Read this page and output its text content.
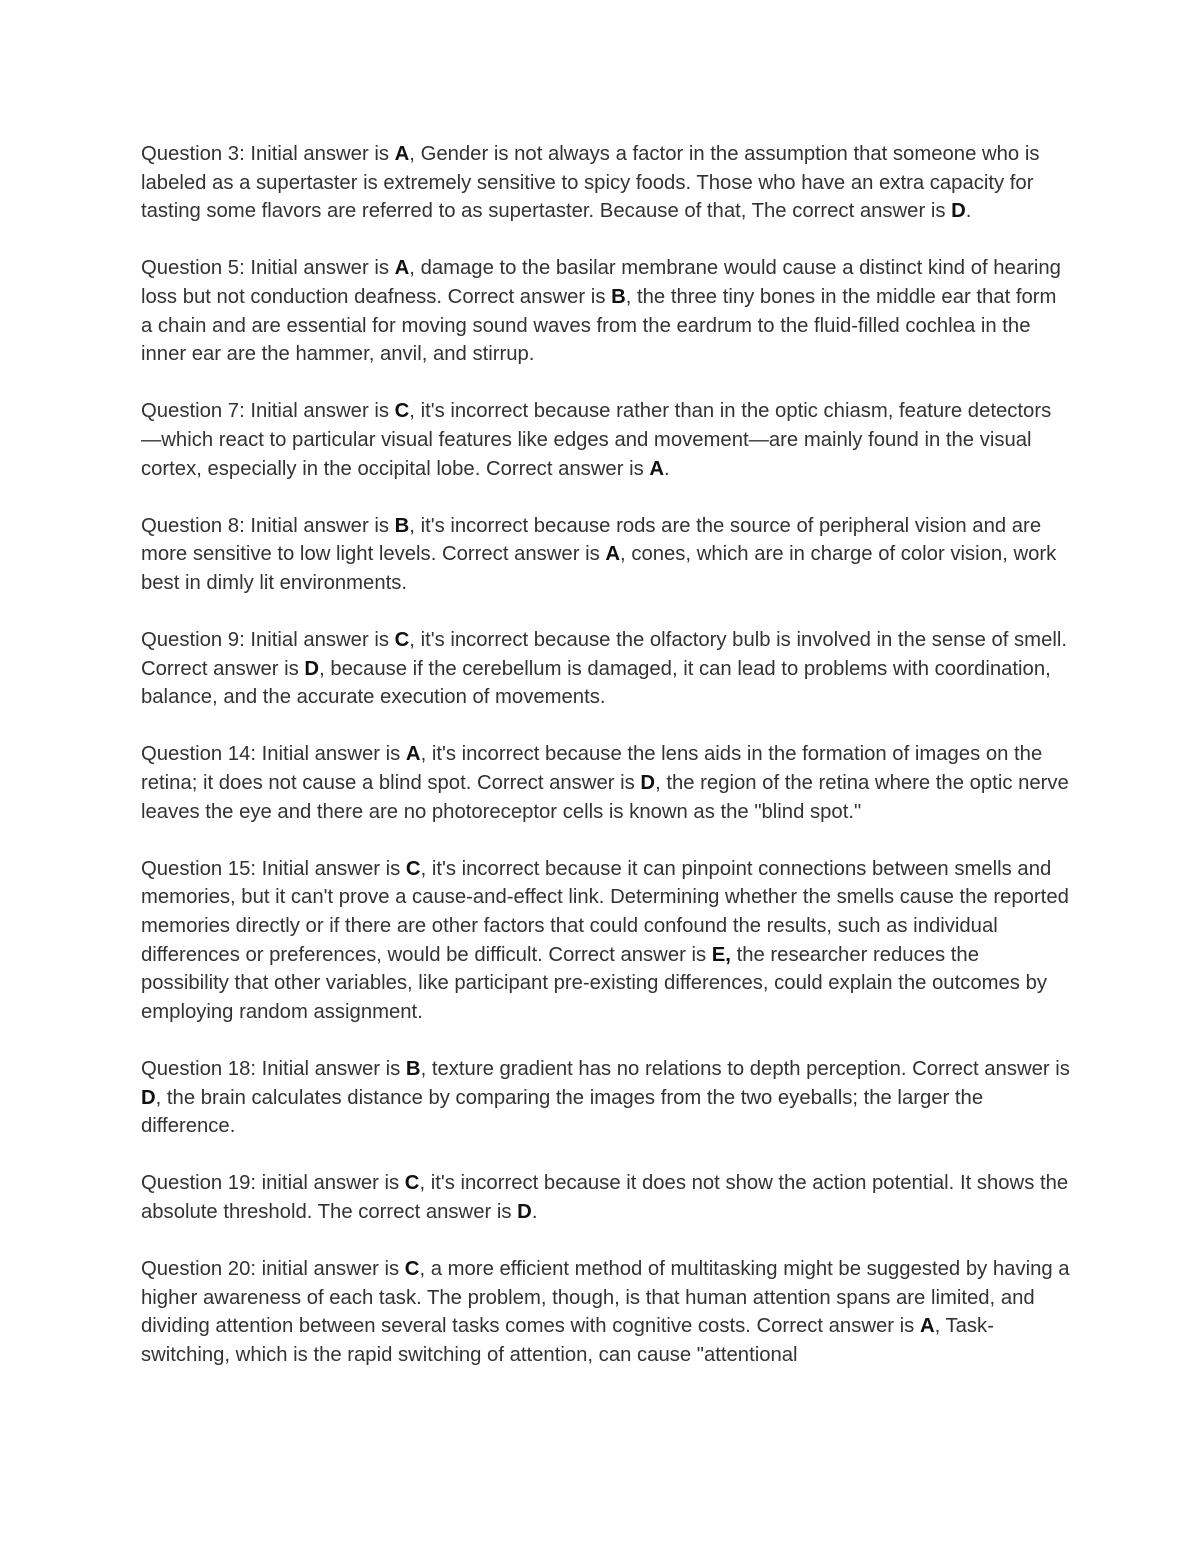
Question 3: Initial answer is A, Gender is not always a factor in the assumption that someone who is labeled as a supertaster is extremely sensitive to spicy foods. Those who have an extra capacity for tasting some flavors are referred to as supertaster. Because of that, The correct answer is D.

Question 5: Initial answer is A, damage to the basilar membrane would cause a distinct kind of hearing loss but not conduction deafness. Correct answer is B, the three tiny bones in the middle ear that form a chain and are essential for moving sound waves from the eardrum to the fluid-filled cochlea in the inner ear are the hammer, anvil, and stirrup.

Question 7: Initial answer is C, it's incorrect because rather than in the optic chiasm, feature detectors—which react to particular visual features like edges and movement—are mainly found in the visual cortex, especially in the occipital lobe. Correct answer is A.

Question 8: Initial answer is B, it's incorrect because rods are the source of peripheral vision and are more sensitive to low light levels. Correct answer is A, cones, which are in charge of color vision, work best in dimly lit environments.

Question 9: Initial answer is C, it's incorrect because the olfactory bulb is involved in the sense of smell. Correct answer is D, because if the cerebellum is damaged, it can lead to problems with coordination, balance, and the accurate execution of movements.

Question 14: Initial answer is A, it's incorrect because the lens aids in the formation of images on the retina; it does not cause a blind spot. Correct answer is D, the region of the retina where the optic nerve leaves the eye and there are no photoreceptor cells is known as the "blind spot."

Question 15: Initial answer is C, it's incorrect because it can pinpoint connections between smells and memories, but it can't prove a cause-and-effect link. Determining whether the smells cause the reported memories directly or if there are other factors that could confound the results, such as individual differences or preferences, would be difficult. Correct answer is E, the researcher reduces the possibility that other variables, like participant pre-existing differences, could explain the outcomes by employing random assignment.

Question 18: Initial answer is B, texture gradient has no relations to depth perception. Correct answer is D, the brain calculates distance by comparing the images from the two eyeballs; the larger the difference.

Question 19: initial answer is C, it's incorrect because it does not show the action potential. It shows the absolute threshold. The correct answer is D.

Question 20: initial answer is C, a more efficient method of multitasking might be suggested by having a higher awareness of each task. The problem, though, is that human attention spans are limited, and dividing attention between several tasks comes with cognitive costs. Correct answer is A, Task-switching, which is the rapid switching of attention, can cause "attentional
